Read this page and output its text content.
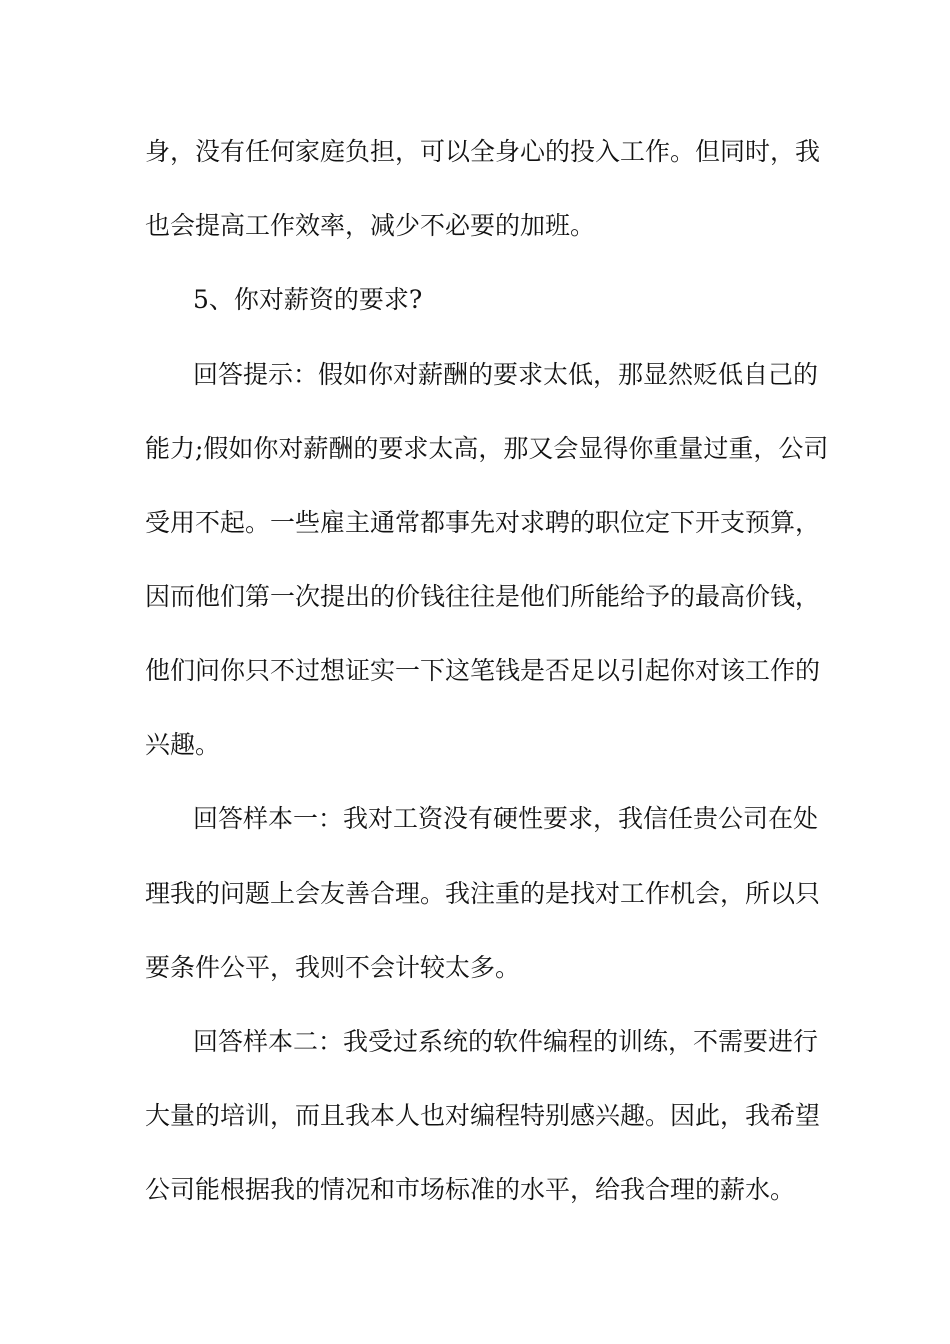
身，没有任何家庭负担，可以全身心的投入工作。但同时，我
也会提高工作效率，减少不必要的加班。
5、你对薪资的要求?
回答提示：假如你对薪酬的要求太低，那显然贬低自己的
能力;假如你对薪酬的要求太高，那又会显得你重量过重，公司
受用不起。一些雇主通常都事先对求聘的职位定下开支预算，
因而他们第一次提出的价钱往往是他们所能给予的最高价钱，
他们问你只不过想证实一下这笔钱是否足以引起你对该工作的
兴趣。
回答样本一：我对工资没有硬性要求，我信任贵公司在处
理我的问题上会友善合理。我注重的是找对工作机会，所以只
要条件公平，我则不会计较太多。
回答样本二：我受过系统的软件编程的训练，不需要进行
大量的培训，而且我本人也对编程特别感兴趣。因此，我希望
公司能根据我的情况和市场标准的水平，给我合理的薪水。
